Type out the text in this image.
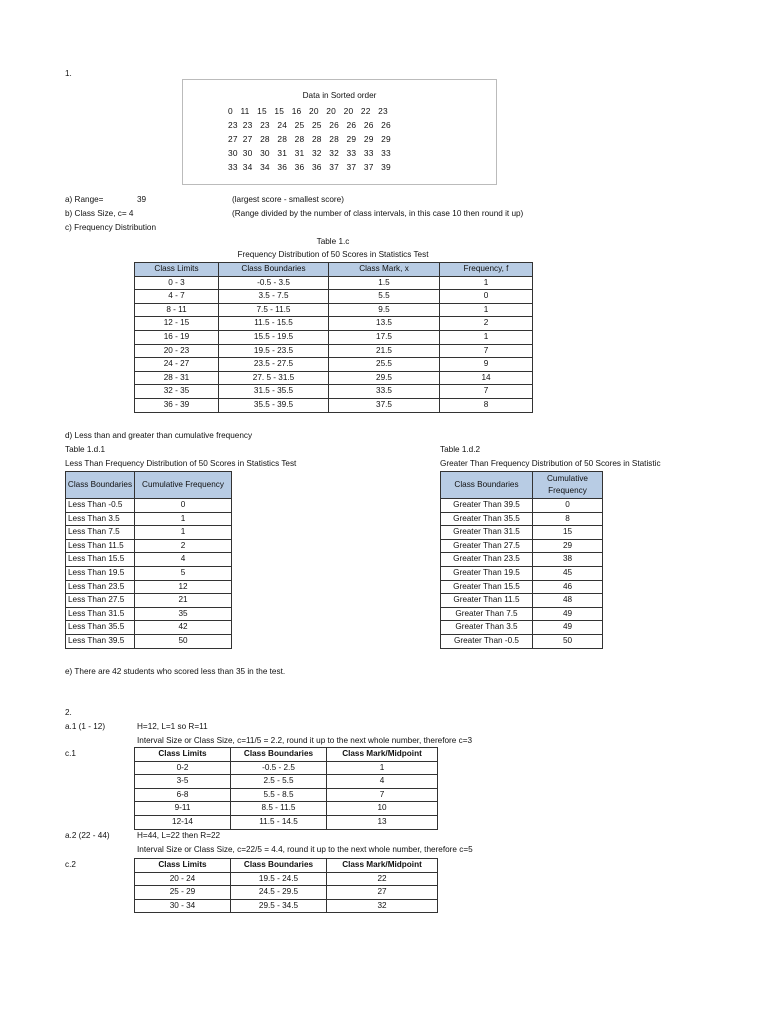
1.
Data in Sorted order
0   11   15   15   16   20   20   20   22   23
23  23   23   24   25   25   26   26   26   26
27  27   28   28   28   28   28   29   29   29
30  30   30   31   31   32   32   33   33   33
33  34   34   36   36   36   37   37   37   39
a) Range=	39	(largest score - smallest score)
b) Class Size, c= 4	(Range divided by the number of class intervals, in this case 10 then round it up)
c) Frequency Distribution
Table 1.c
Frequency Distribution of 50 Scores in Statistics Test
Class Limits	Class Boundaries	Class Mark, x	Frequency, f
0 - 3	-0.5 - 3.5	1.5	1
4 - 7	3.5 - 7.5	5.5	0
8 - 11	7.5 - 11.5	9.5	1
12 - 15	11.5 - 15.5	13.5	2
16 - 19	15.5 - 19.5	17.5	1
20 - 23	19.5 - 23.5	21.5	7
24 - 27	23.5 - 27.5	25.5	9
28 - 31	27. 5 - 31.5	29.5	14
32 - 35	31.5 - 35.5	33.5	7
36 - 39	35.5 - 39.5	37.5	8
d) Less than and greater than cumulative frequency
Table 1.d.1
Less Than Frequency Distribution of 50 Scores in Statistics Test
Table 1.d.2
Greater Than Frequency Distribution of 50 Scores in Statistic
Class Boundaries	Cumulative Frequency
Less Than -0.5	0
Less Than 3.5	1
Less Than 7.5	1
Less Than 11.5	2
Less Than 15.5	4
Less Than 19.5	5
Less Than 23.5	12
Less Than 27.5	21
Less Than 31.5	35
Less Than 35.5	42
Less Than 39.5	50
Class Boundaries	Cumulative Frequency
Greater Than 39.5	0
Greater Than 35.5	8
Greater Than 31.5	15
Greater Than 27.5	29
Greater Than 23.5	38
Greater Than 19.5	45
Greater Than 15.5	46
Greater Than 11.5	48
Greater Than 7.5	49
Greater Than 3.5	49
Greater Than -0.5	50
e) There are 42 students who scored less than 35 in the test.
2.
a.1 (1 - 12)	H=12, L=1 so R=11
Interval Size or Class Size, c=11/5 = 2.2, round it up to the next whole number, therefore c=3
c.1	Class Limits	Class Boundaries	Class Mark/Midpoint
0-2	-0.5 - 2.5	1
3-5	2.5 - 5.5	4
6-8	5.5 - 8.5	7
9-11	8.5 - 11.5	10
12-14	11.5 - 14.5	13
a.2 (22 - 44)	H=44, L=22 then R=22
Interval Size or Class Size, c=22/5 = 4.4, round it up to the next whole number, therefore c=5
c.2	Class Limits	Class Boundaries	Class Mark/Midpoint
20 - 24	19.5 - 24.5	22
25 - 29	24.5 - 29.5	27
30 - 34	29.5 - 34.5	32
